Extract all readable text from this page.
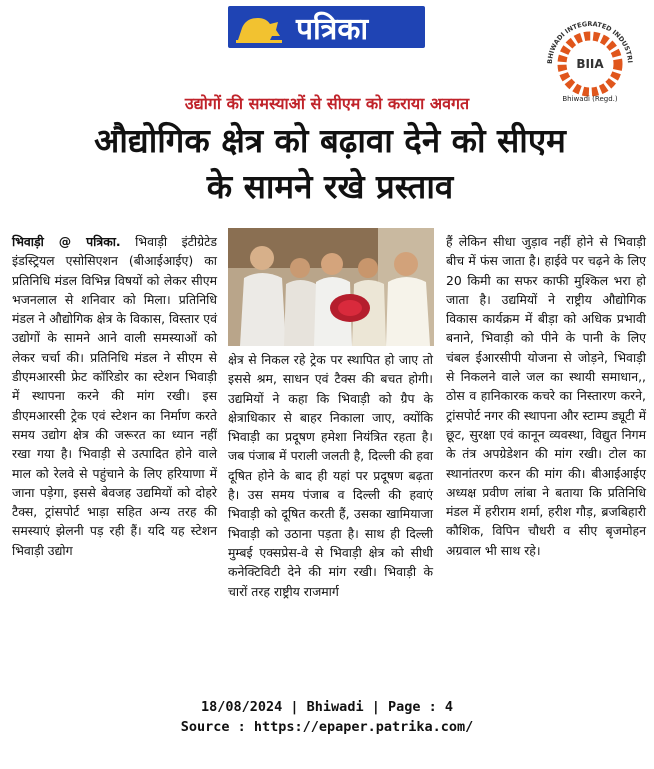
पत्रिका
BHIWADI INTEGRATED INDUSTRI
BIIA
Bhiwadi (Regd.)
उद्योगों की समस्याओं से सीएम को कराया अवगत
औद्योगिक क्षेत्र को बढ़ावा देने को सीएम
के सामने रखे प्रस्ताव
भिवाड़ी @ पत्रिका. भिवाड़ी इंटीग्रेटेड इंडस्ट्रियल एसोसिएशन (बीआईआईए) का प्रतिनिधि मंडल विभिन्न विषयों को लेकर सीएम भजनलाल से शनिवार को मिला। प्रतिनिधि मंडल ने औद्योगिक क्षेत्र के विकास, विस्तार एवं उद्योगों के सामने आने वाली समस्याओं को लेकर चर्चा की। प्रतिनिधि मंडल ने सीएम से डीएमआरसी फ्रेट कॉरिडोर का स्टेशन भिवाड़ी में स्थापना करने की मांग रखी। इस डीएमआरसी ट्रेक एवं स्टेशन का निर्माण करते समय उद्योग क्षेत्र की जरूरत का ध्यान नहीं रखा गया है। भिवाड़ी से उत्पादित होने वाले माल को रेलवे से पहुंचाने के लिए हरियाणा में जाना पड़ेगा, इससे बेवजह उद्यमियों को दोहरे टैक्स, ट्रांसपोर्ट भाड़ा सहित अन्य तरह की समस्याएं झेलनी पड़ रही हैं। यदि यह स्टेशन भिवाड़ी उद्योग
क्षेत्र से निकल रहे ट्रेक पर स्थापित हो जाए तो इससे श्रम, साधन एवं टैक्स की बचत होगी। उद्यमियों ने कहा कि भिवाड़ी को ग्रैप के क्षेत्राधिकार से बाहर निकाला जाए, क्योंकि भिवाड़ी का प्रदूषण हमेशा नियंत्रित रहता है। जब पंजाब में पराली जलती है, दिल्ली की हवा दूषित होने के बाद ही यहां पर प्रदूषण बढ़ता है। उस समय पंजाब व दिल्ली की हवाएं भिवाड़ी को दूषित करती हैं, उसका खामियाजा भिवाड़ी को उठाना पड़ता है। साथ ही दिल्ली मुम्बई एक्सप्रेस-वे से भिवाड़ी क्षेत्र को सीधी कनेक्टिविटी देने की मांग रखी। भिवाड़ी के चारों तरह राष्ट्रीय राजमार्ग
हैं लेकिन सीधा जुड़ाव नहीं होने से भिवाड़ी बीच में फंस जाता है। हाईवे पर चढ़ने के लिए 20 किमी का सफर काफी मुश्किल भरा हो जाता है। उद्यमियों ने राष्ट्रीय औद्योगिक विकास कार्यक्रम में बीड़ा को अधिक प्रभावी बनाने, भिवाड़ी को पीने के पानी के लिए चंबल ईआरसीपी योजना से जोड़ने, भिवाड़ी से निकलने वाले जल का स्थायी समाधान,, ठोस व हानिकारक कचरे का निस्तारण करने, ट्रांसपोर्ट नगर की स्थापना और स्टाम्प ड्यूटी में छूट, सुरक्षा एवं कानून व्यवस्था, विद्युत निगम के तंत्र अपग्रेडेशन की मांग रखी। टोल का स्थानांतरण करन की मांग की। बीआईआईए अध्यक्ष प्रवीण लांबा ने बताया कि प्रतिनिधि मंडल में हरीराम शर्मा, हरीश गौड़, ब्रजबिहारी कौशिक, विपिन चौधरी व सीए बृजमोहन अग्रवाल भी साथ रहे।
18/08/2024 | Bhiwadi | Page : 4
Source : https://epaper.patrika.com/
